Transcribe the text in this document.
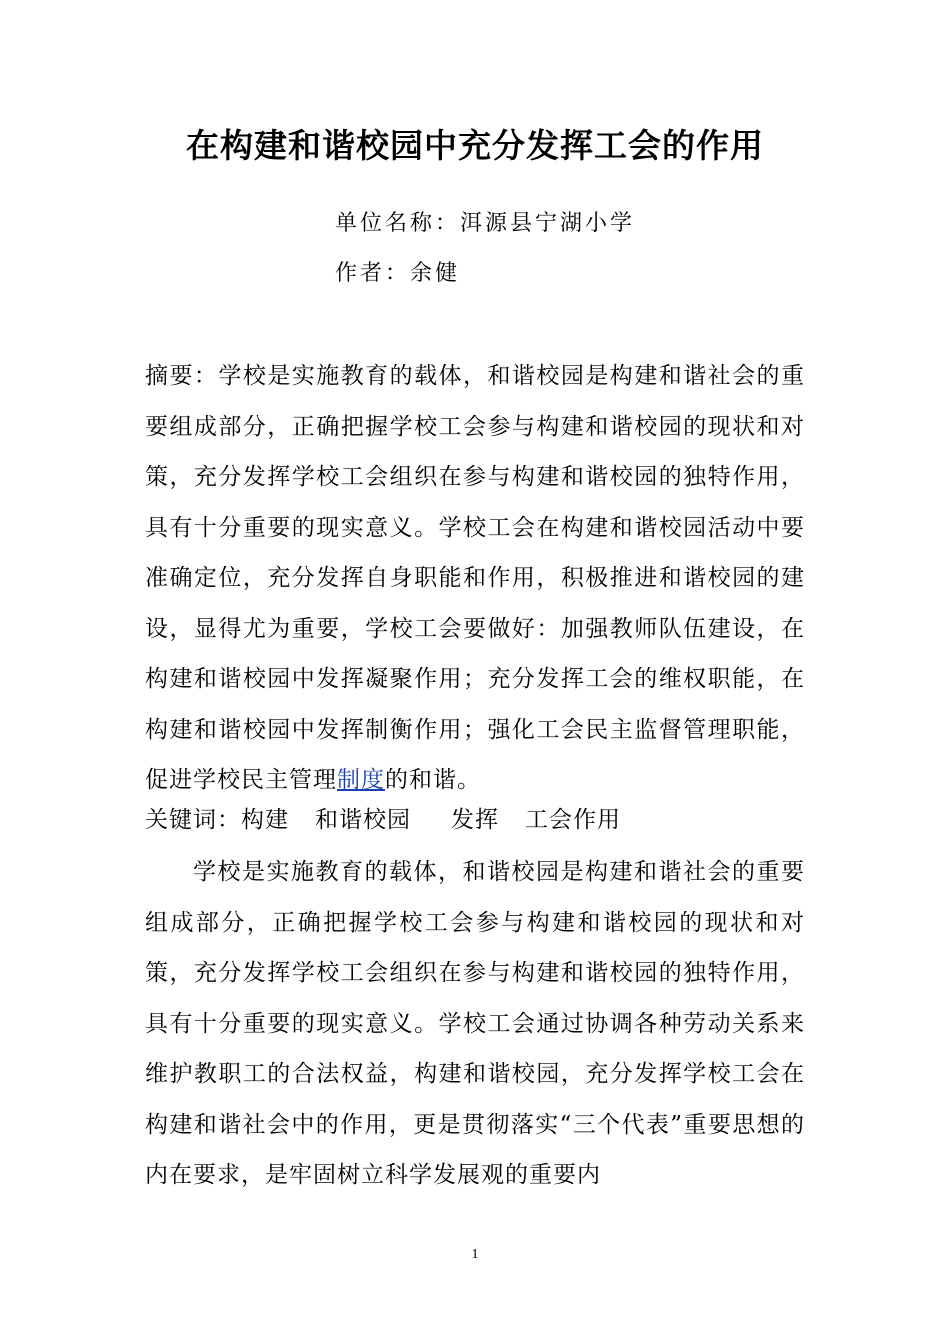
在构建和谐校园中充分发挥工会的作用
单位名称：洱源县宁湖小学
作者：余健

摘要：学校是实施教育的载体，和谐校园是构建和谐社会的重要组成部分，正确把握学校工会参与构建和谐校园的现状和对策，充分发挥学校工会组织在参与构建和谐校园的独特作用，具有十分重要的现实意义。学校工会在构建和谐校园活动中要准确定位，充分发挥自身职能和作用，积极推进和谐校园的建设，显得尤为重要，学校工会要做好：加强教师队伍建设，在构建和谐校园中发挥凝聚作用；充分发挥工会的维权职能，在构建和谐校园中发挥制衡作用；强化工会民主监督管理职能，促进学校民主管理制度的和谐。

关键词：构建 和谐校园 发挥 工会作用

学校是实施教育的载体，和谐校园是构建和谐社会的重要组成部分，正确把握学校工会参与构建和谐校园的现状和对策，充分发挥学校工会组织在参与构建和谐校园的独特作用，具有十分重要的现实意义。学校工会通过协调各种劳动关系来维护教职工的合法权益，构建和谐校园，充分发挥学校工会在构建和谐社会中的作用，更是贯彻落实“三个代表”重要思想的内在要求，是牢固树立科学发展观的重要内

1
